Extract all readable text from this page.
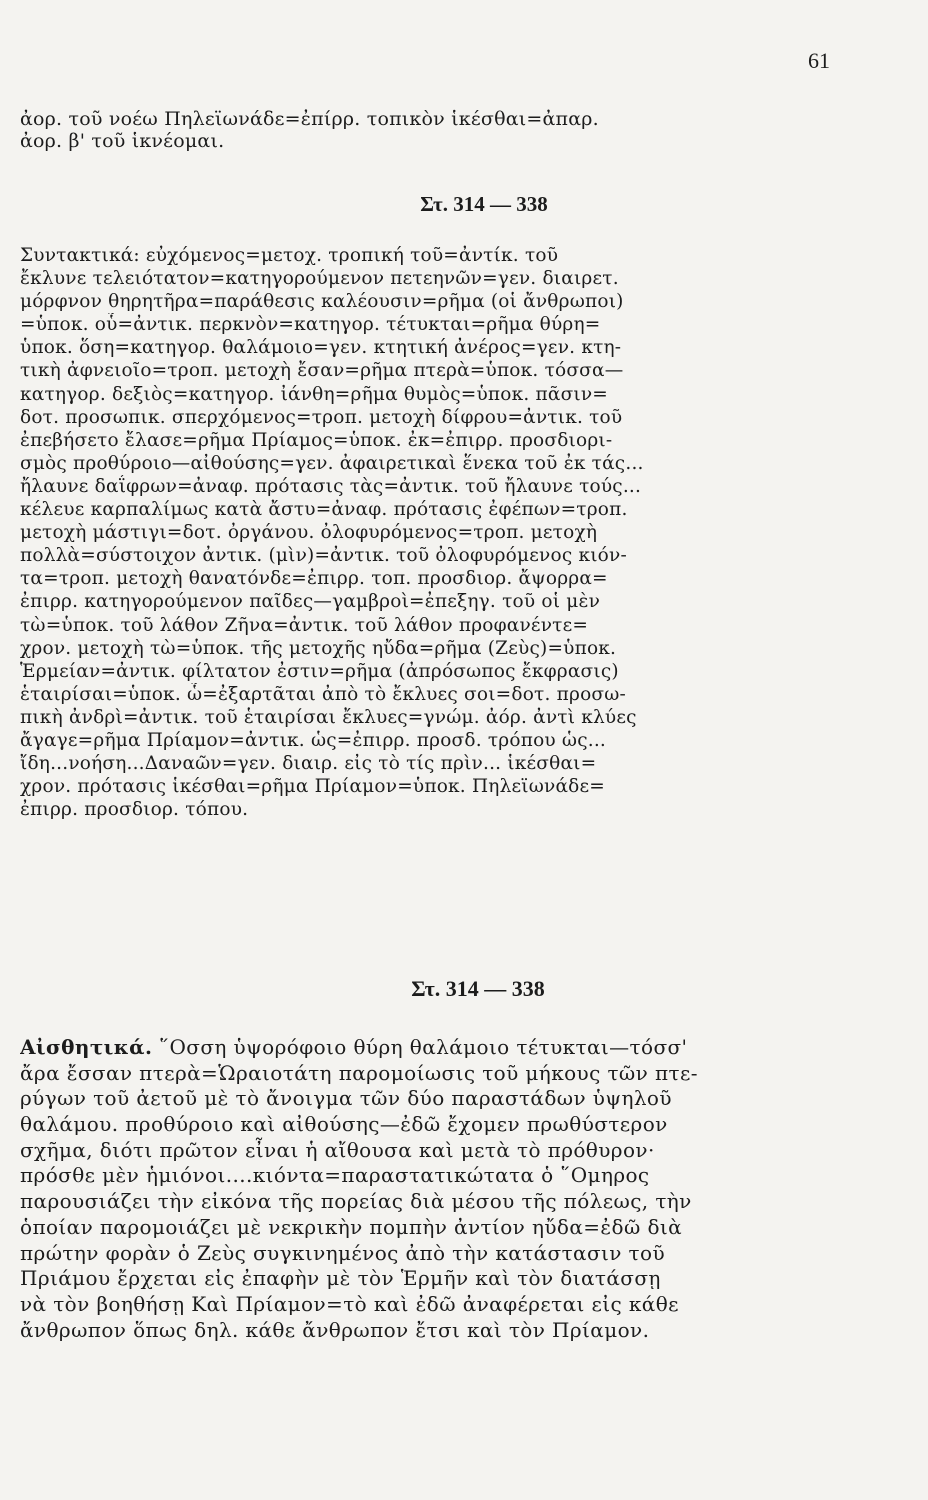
61
ἀορ. τοῦ νοέω Πηλεϊωνάδε=ἐπίρρ. τοπικὸν ἱκέσθαι=ἀπαρ.
ἀορ. β' τοῦ ἱκνέομαι.
Στ. 314 — 338
Συντακτικά: εὐχόμενος=μετοχ. τροπική τοῦ=ἀντίκ. τοῦ
ἔκλυνε τελειότατον=κατηγορούμενον πετεηνῶν=γεν. διαιρετ.
μόρφνον θηρητῆρα=παράθεσις καλέουσιν=ρῆμα (οἱ ἄνθρωποι)
=ὑποκ. οὗ=ἀντικ. περκνὸν=κατηγορ. τέτυκται=ρῆμα θύρη=
ὑποκ. ὅση=κατηγορ. θαλάμοιο=γεν. κτητική ἀνέρος=γεν. κτη-
τικὴ ἀφνειοῖο=τροπ. μετοχὴ ἔσαν=ρῆμα πτερὰ=ὑποκ. τόσσα—
κατηγορ. δεξιὸς=κατηγορ. ἰάνθη=ρῆμα θυμὸς=ὑποκ. πᾶσιν=
δοτ. προσωπικ. σπερχόμενος=τροπ. μετοχὴ δίφρου=ἀντικ. τοῦ
ἐπεβήσετο ἔλασε=ρῆμα Πρίαμος=ὑποκ. ἐκ=ἐπιρρ. προσδιορι-
σμὸς προθύροιο—αἰθούσης=γεν. ἀφαιρετικαὶ ἕνεκα τοῦ ἐκ τάς...
ἤλαυνε δαΐφρων=ἀναφ. πρότασις τὰς=ἀντικ. τοῦ ἤλαυνε τούς...
κέλευε καρπαλίμως κατὰ ἄστυ=ἀναφ. πρότασις ἐφέπων=τροπ.
μετοχὴ μάστιγι=δοτ. ὀργάνου. ὀλοφυρόμενος=τροπ. μετοχὴ
πολλὰ=σύστοιχον ἀντικ. (μὶν)=ἀντικ. τοῦ ὀλοφυρόμενος κιόν-
τα=τροπ. μετοχὴ θανατόνδε=ἐπιρρ. τοπ. προσδιορ. ἄψορρα=
ἐπιρρ. κατηγορούμενον παῖδες—γαμβροὶ=ἐπεξηγ. τοῦ οἱ μὲν
τὼ=ὑποκ. τοῦ λάθον Ζῆνα=ἀντικ. τοῦ λάθον προφανέντε=
χρον. μετοχὴ τὼ=ὑποκ. τῆς μετοχῆς ηὔδα=ρῆμα (Ζεὺς)=ὑποκ.
Ἑρμείαν=ἀντικ. φίλτατον ἐστιν=ρῆμα (ἀπρόσωπος ἔκφρασις)
ἑταιρίσαι=ὑποκ. ὧ=ἐξαρτᾶται ἀπὸ τὸ ἔκλυες σοι=δοτ. προσω-
πικὴ ἀνδρὶ=ἀντικ. τοῦ ἑταιρίσαι ἔκλυες=γνώμ. ἀόρ. ἀντὶ κλύες
ἄγαγε=ρῆμα Πρίαμον=ἀντικ. ὡς=ἐπιρρ. προσδ. τρόπου ὡς...
ἴδη...νοήση...Δαναῶν=γεν. διαιρ. εἰς τὸ τίς πρὶν... ἱκέσθαι=
χρον. πρότασις ἱκέσθαι=ρῆμα Πρίαμον=ὑποκ. Πηλεϊωνάδε=
ἐπιρρ. προσδιορ. τόπου.
Στ. 314 — 338
Αἰσθητικά. ῞Οσση ὑψορόφοιο θύρη θαλάμοιο τέτυκται—τόσσ'
ἄρα ἔσσαν πτερὰ=Ὡραιοτάτη παρομοίωσις τοῦ μήκους τῶν πτε-
ρύγων τοῦ ἀετοῦ μὲ τὸ ἄνοιγμα τῶν δύο παραστάδων ὑψηλοῦ
θαλάμου. προθύροιο καὶ αἰθούσης—ἐδῶ ἔχομεν πρωθύστερον
σχῆμα, διότι πρῶτον εἶναι ἡ αἴθουσα καὶ μετὰ τὸ πρόθυρον·
πρόσθε μὲν ἡμιόνοι....κιόντα=παραστατικώτατα ὁ ῞Ομηρος
παρουσιάζει τὴν εἰκόνα τῆς πορείας διὰ μέσου τῆς πόλεως, τὴν
ὁποίαν παρομοιάζει μὲ νεκρικὴν πομπὴν ἀντίον ηὔδα=ἐδῶ διὰ
πρώτην φορὰν ὁ Ζεὺς συγκινημένος ἀπὸ τὴν κατάστασιν τοῦ
Πριάμου ἔρχεται εἰς ἐπαφὴν μὲ τὸν Ἑρμῆν καὶ τὸν διατάσσῃ
νὰ τὸν βοηθήσῃ Καὶ Πρίαμον=τὸ καὶ ἐδῶ ἀναφέρεται εἰς κάθε
ἄνθρωπον ὅπως δηλ. κάθε ἄνθρωπον ἔτσι καὶ τὸν Πρίαμον.
